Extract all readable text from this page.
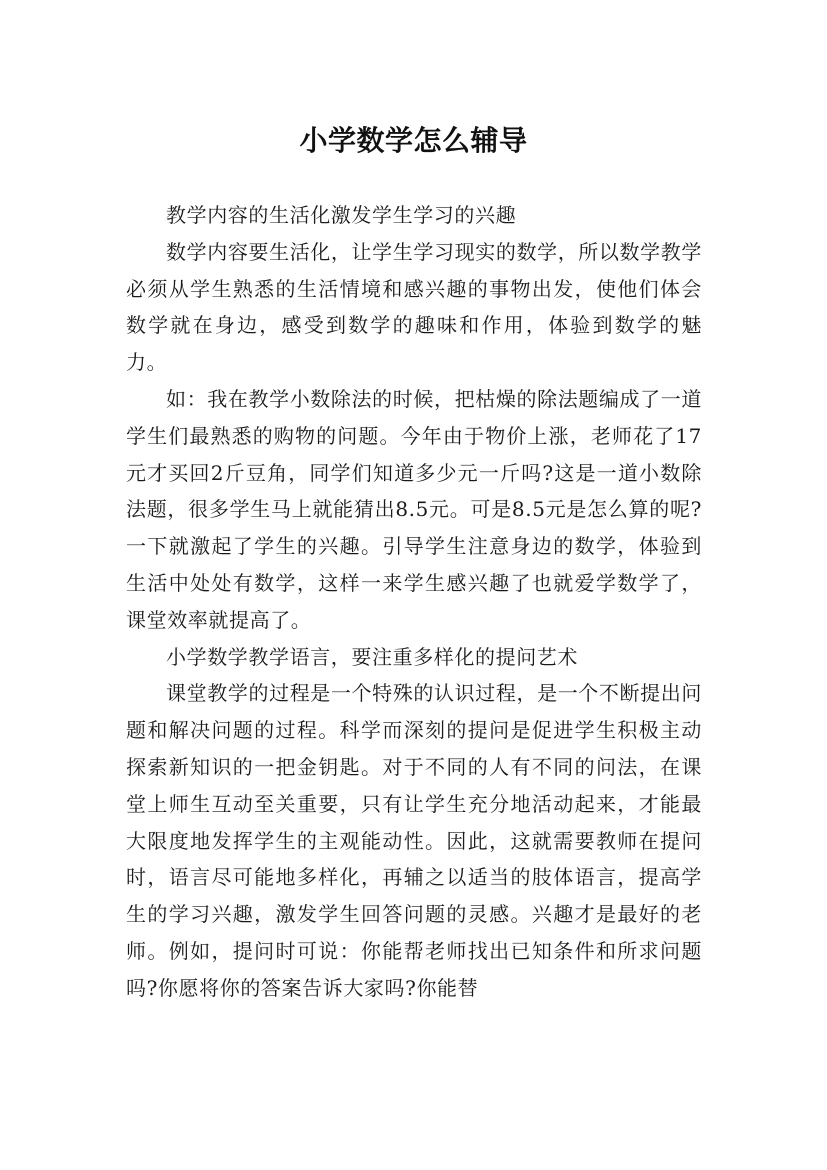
小学数学怎么辅导

教学内容的生活化激发学生学习的兴趣

数学内容要生活化，让学生学习现实的数学，所以数学教学必须从学生熟悉的生活情境和感兴趣的事物出发，使他们体会数学就在身边，感受到数学的趣味和作用，体验到数学的魅力。

如：我在教学小数除法的时候，把枯燥的除法题编成了一道学生们最熟悉的购物的问题。今年由于物价上涨，老师花了17元才买回2斤豆角，同学们知道多少元一斤吗?这是一道小数除法题，很多学生马上就能猜出8.5元。可是8.5元是怎么算的呢?一下就激起了学生的兴趣。引导学生注意身边的数学，体验到生活中处处有数学，这样一来学生感兴趣了也就爱学数学了，课堂效率就提高了。

小学数学教学语言，要注重多样化的提问艺术

课堂教学的过程是一个特殊的认识过程，是一个不断提出问题和解决问题的过程。科学而深刻的提问是促进学生积极主动探索新知识的一把金钥匙。对于不同的人有不同的问法，在课堂上师生互动至关重要，只有让学生充分地活动起来，才能最大限度地发挥学生的主观能动性。因此，这就需要教师在提问时，语言尽可能地多样化，再辅之以适当的肢体语言，提高学生的学习兴趣，激发学生回答问题的灵感。兴趣才是最好的老师。例如，提问时可说：你能帮老师找出已知条件和所求问题吗?你愿将你的答案告诉大家吗?你能替
